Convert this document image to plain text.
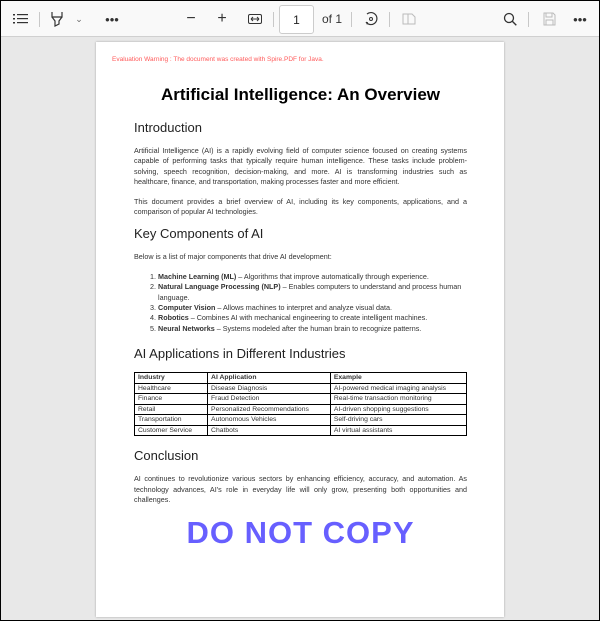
⌄	•••	−	+	1 of 1	•••
Evaluation Warning : The document was created with Spire.PDF for Java.
Artificial Intelligence: An Overview
Introduction

Artificial Intelligence (AI) is a rapidly evolving field of computer science focused on creating systems capable of performing tasks that typically require human intelligence. These tasks include problem-solving, speech recognition, decision-making, and more. AI is transforming industries such as healthcare, finance, and transportation, making processes faster and more efficient.

This document provides a brief overview of AI, including its key components, applications, and a comparison of popular AI technologies.

Key Components of AI

Below is a list of major components that drive AI development:

1. Machine Learning (ML) – Algorithms that improve automatically through experience.
2. Natural Language Processing (NLP) – Enables computers to understand and process human language.
3. Computer Vision – Allows machines to interpret and analyze visual data.
4. Robotics – Combines AI with mechanical engineering to create intelligent machines.
5. Neural Networks – Systems modeled after the human brain to recognize patterns.
AI Applications in Different Industries
Industry	AI Application	Example
Healthcare	Disease Diagnosis	AI-powered medical imaging analysis
Finance	Fraud Detection	Real-time transaction monitoring
Retail	Personalized Recommendations	AI-driven shopping suggestions
Transportation	Autonomous Vehicles	Self-driving cars
Customer Service	Chatbots	AI virtual assistants
Conclusion

AI continues to revolutionize various sectors by enhancing efficiency, accuracy, and automation. As technology advances, AI's role in everyday life will only grow, presenting both opportunities and challenges.

DO NOT COPY
